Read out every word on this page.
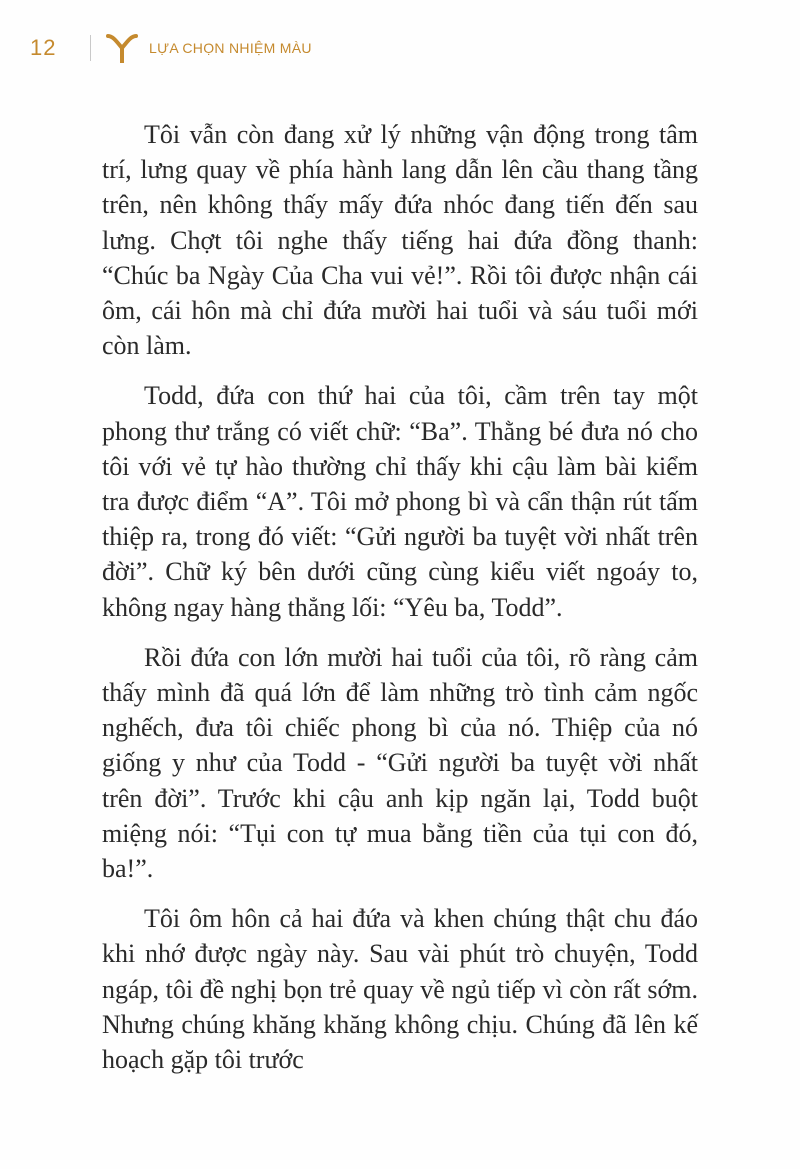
12	LỰA CHỌN NHIỆM MÀU

Tôi vẫn còn đang xử lý những vận động trong tâm trí, lưng quay về phía hành lang dẫn lên cầu thang tầng trên, nên không thấy mấy đứa nhóc đang tiến đến sau lưng. Chợt tôi nghe thấy tiếng hai đứa đồng thanh: “Chúc ba Ngày Của Cha vui vẻ!”. Rồi tôi được nhận cái ôm, cái hôn mà chỉ đứa mười hai tuổi và sáu tuổi mới còn làm.

Todd, đứa con thứ hai của tôi, cầm trên tay một phong thư trắng có viết chữ: “Ba”. Thằng bé đưa nó cho tôi với vẻ tự hào thường chỉ thấy khi cậu làm bài kiểm tra được điểm “A”. Tôi mở phong bì và cẩn thận rút tấm thiệp ra, trong đó viết: “Gửi người ba tuyệt vời nhất trên đời”. Chữ ký bên dưới cũng cùng kiểu viết ngoáy to, không ngay hàng thẳng lối: “Yêu ba, Todd”.

Rồi đứa con lớn mười hai tuổi của tôi, rõ ràng cảm thấy mình đã quá lớn để làm những trò tình cảm ngốc nghếch, đưa tôi chiếc phong bì của nó. Thiệp của nó giống y như của Todd - “Gửi người ba tuyệt vời nhất trên đời”. Trước khi cậu anh kịp ngăn lại, Todd buột miệng nói: “Tụi con tự mua bằng tiền của tụi con đó, ba!”.

Tôi ôm hôn cả hai đứa và khen chúng thật chu đáo khi nhớ được ngày này. Sau vài phút trò chuyện, Todd ngáp, tôi đề nghị bọn trẻ quay về ngủ tiếp vì còn rất sớm. Nhưng chúng khăng khăng không chịu. Chúng đã lên kế hoạch gặp tôi trước
